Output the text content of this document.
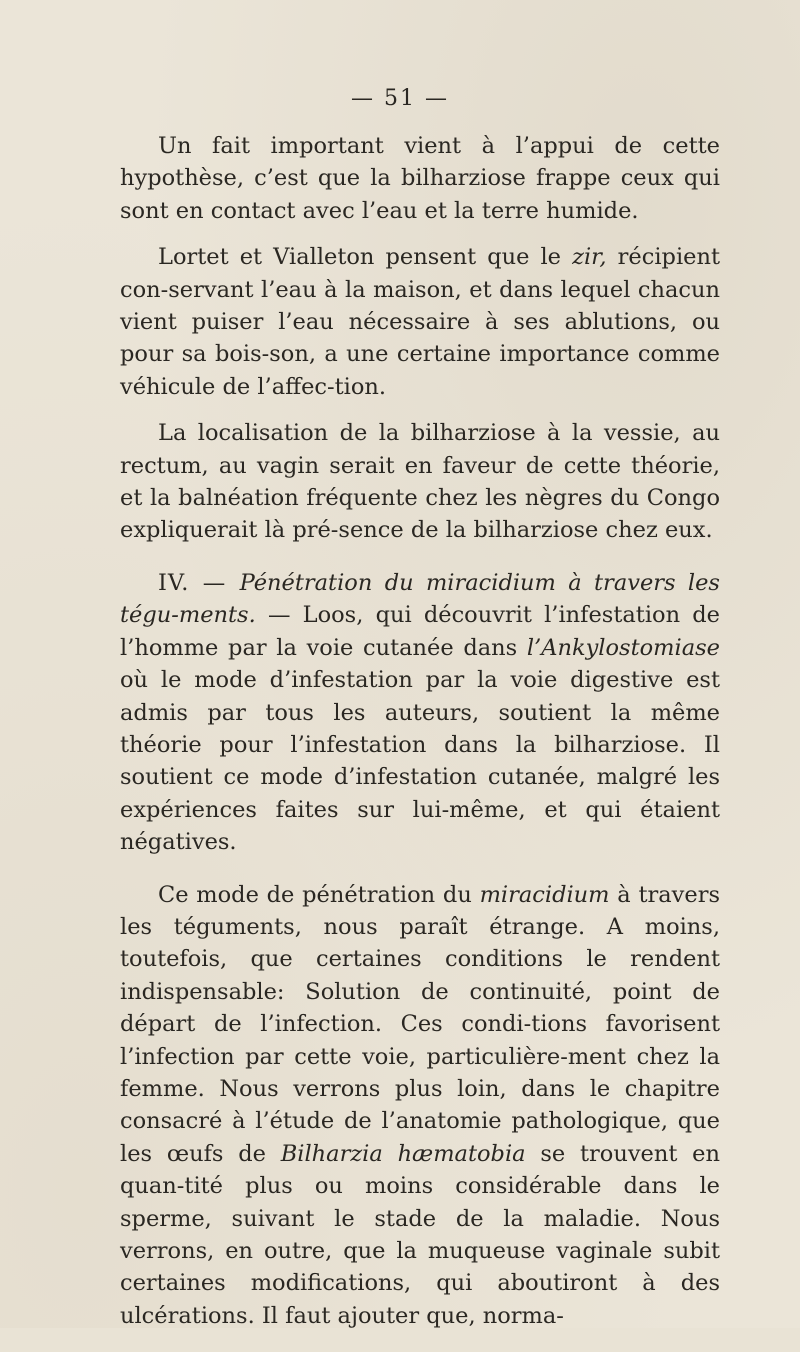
— 51 —

Un fait important vient à l’appui de cette hypothèse, c’est que la bilharziose frappe ceux qui sont en contact avec l’eau et la terre humide.

Lortet et Vialleton pensent que le zir, récipient con-servant l’eau à la maison, et dans lequel chacun vient puiser l’eau nécessaire à ses ablutions, ou pour sa bois-son, a une certaine importance comme véhicule de l’affec-tion.

La localisation de la bilharziose à la vessie, au rectum, au vagin serait en faveur de cette théorie, et la balnéation fréquente chez les nègres du Congo expliquerait là pré-sence de la bilharziose chez eux.

IV. — Pénétration du miracidium à travers les tégu-ments. — Loos, qui découvrit l’infestation de l’homme par la voie cutanée dans l’Ankylostomiase où le mode d’infestation par la voie digestive est admis par tous les auteurs, soutient la même théorie pour l’infestation dans la bilharziose. Il soutient ce mode d’infestation cutanée, malgré les expériences faites sur lui-même, et qui étaient négatives.

Ce mode de pénétration du miracidium à travers les téguments, nous paraît étrange. A moins, toutefois, que certaines conditions le rendent indispensable: Solution de continuité, point de départ de l’infection. Ces condi-tions favorisent l’infection par cette voie, particulière-ment chez la femme. Nous verrons plus loin, dans le chapitre consacré à l’étude de l’anatomie pathologique, que les œufs de Bilharzia hæmatobia se trouvent en quan-tité plus ou moins considérable dans le sperme, suivant le stade de la maladie. Nous verrons, en outre, que la muqueuse vaginale subit certaines modifications, qui aboutiront à des ulcérations. Il faut ajouter que, norma-
